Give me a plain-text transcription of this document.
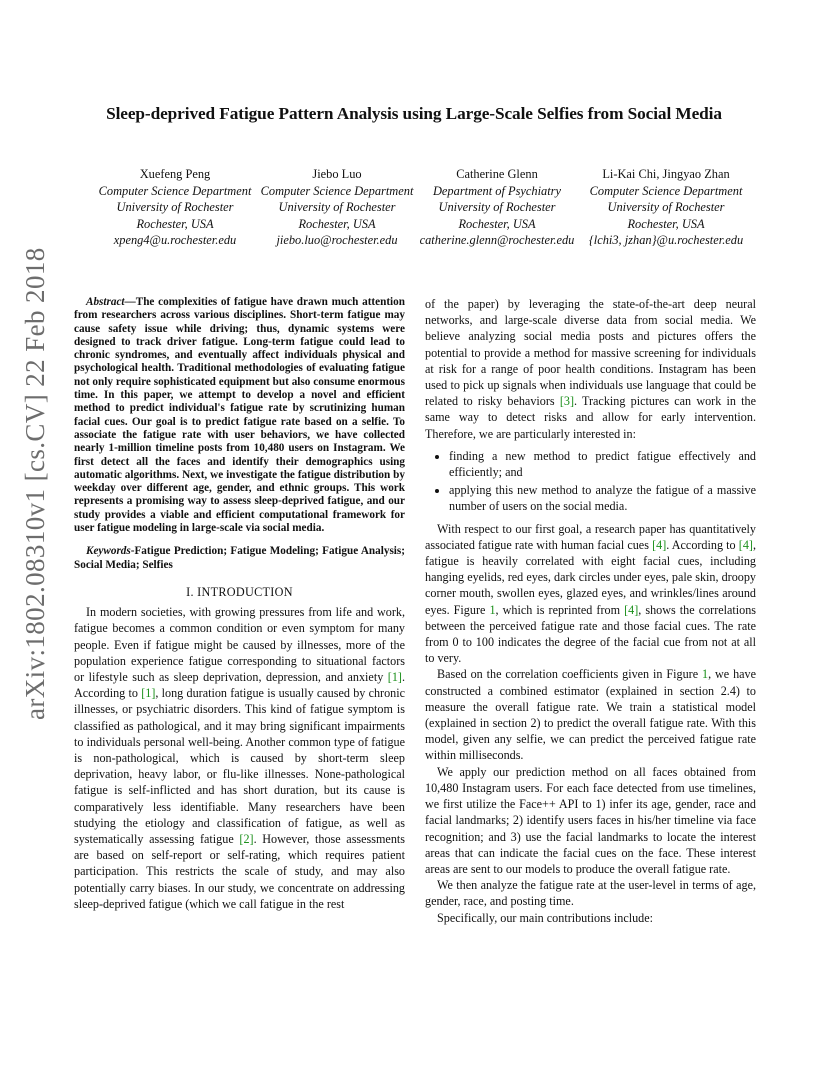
arXiv:1802.08310v1 [cs.CV] 22 Feb 2018
Sleep-deprived Fatigue Pattern Analysis using Large-Scale Selfies from Social Media
Xuefeng Peng
Computer Science Department
University of Rochester
Rochester, USA
xpeng4@u.rochester.edu
Jiebo Luo
Computer Science Department
University of Rochester
Rochester, USA
jiebo.luo@rochester.edu
Catherine Glenn
Department of Psychiatry
University of Rochester
Rochester, USA
catherine.glenn@rochester.edu
Li-Kai Chi, Jingyao Zhan
Computer Science Department
University of Rochester
Rochester, USA
{lchi3, jzhan}@u.rochester.edu

Abstract—The complexities of fatigue have drawn much attention from researchers across various disciplines. Short-term fatigue may cause safety issue while driving; thus, dynamic systems were designed to track driver fatigue. Long-term fatigue could lead to chronic syndromes, and eventually affect individuals physical and psychological health. Traditional methodologies of evaluating fatigue not only require sophisticated equipment but also consume enormous time. In this paper, we attempt to develop a novel and efficient method to predict individual's fatigue rate by scrutinizing human facial cues. Our goal is to predict fatigue rate based on a selfie. To associate the fatigue rate with user behaviors, we have collected nearly 1-million timeline posts from 10,480 users on Instagram. We first detect all the faces and identify their demographics using automatic algorithms. Next, we investigate the fatigue distribution by weekday over different age, gender, and ethnic groups. This work represents a promising way to assess sleep-deprived fatigue, and our study provides a viable and efficient computational framework for user fatigue modeling in large-scale via social media.

Keywords-Fatigue Prediction; Fatigue Modeling; Fatigue Analysis; Social Media; Selfies

I. INTRODUCTION

In modern societies, with growing pressures from life and work, fatigue becomes a common condition or even symptom for many people. Even if fatigue might be caused by illnesses, more of the population experience fatigue corresponding to situational factors or lifestyle such as sleep deprivation, depression, and anxiety [1]. According to [1], long duration fatigue is usually caused by chronic illnesses, or psychiatric disorders. This kind of fatigue symptom is classified as pathological, and it may bring significant impairments to individuals personal well-being. Another common type of fatigue is non-pathological, which is caused by short-term sleep deprivation, heavy labor, or flu-like illnesses. None-pathological fatigue is self-inflicted and has short duration, but its cause is comparatively less identifiable. Many researchers have been studying the etiology and classification of fatigue, as well as systematically assessing fatigue [2]. However, those assessments are based on self-report or self-rating, which requires patient participation. This restricts the scale of study, and may also potentially carry biases. In our study, we concentrate on addressing sleep-deprived fatigue (which we call fatigue in the rest

of the paper) by leveraging the state-of-the-art deep neural networks, and large-scale diverse data from social media. We believe analyzing social media posts and pictures offers the potential to provide a method for massive screening for individuals at risk for a range of poor health conditions. Instagram has been used to pick up signals when individuals use language that could be related to risky behaviors [3]. Tracking pictures can work in the same way to detect risks and allow for early intervention. Therefore, we are particularly interested in:

• finding a new method to predict fatigue effectively and efficiently; and
• applying this new method to analyze the fatigue of a massive number of users on the social media.

With respect to our first goal, a research paper has quantitatively associated fatigue rate with human facial cues [4]. According to [4], fatigue is heavily correlated with eight facial cues, including hanging eyelids, red eyes, dark circles under eyes, pale skin, droopy corner mouth, swollen eyes, glazed eyes, and wrinkles/lines around eyes. Figure 1, which is reprinted from [4], shows the correlations between the perceived fatigue rate and those facial cues. The rate from 0 to 100 indicates the degree of the facial cue from not at all to very.

Based on the correlation coefficients given in Figure 1, we have constructed a combined estimator (explained in section 2.4) to measure the overall fatigue rate. We train a statistical model (explained in section 2) to predict the overall fatigue rate. With this model, given any selfie, we can predict the perceived fatigue rate within milliseconds.

We apply our prediction method on all faces obtained from 10,480 Instagram users. For each face detected from use timelines, we first utilize the Face++ API to 1) infer its age, gender, race and facial landmarks; 2) identify users faces in his/her timeline via face recognition; and 3) use the facial landmarks to locate the interest areas that can indicate the facial cues on the face. These interest areas are sent to our models to produce the overall fatigue rate.

We then analyze the fatigue rate at the user-level in terms of age, gender, race, and posting time.

Specifically, our main contributions include:
